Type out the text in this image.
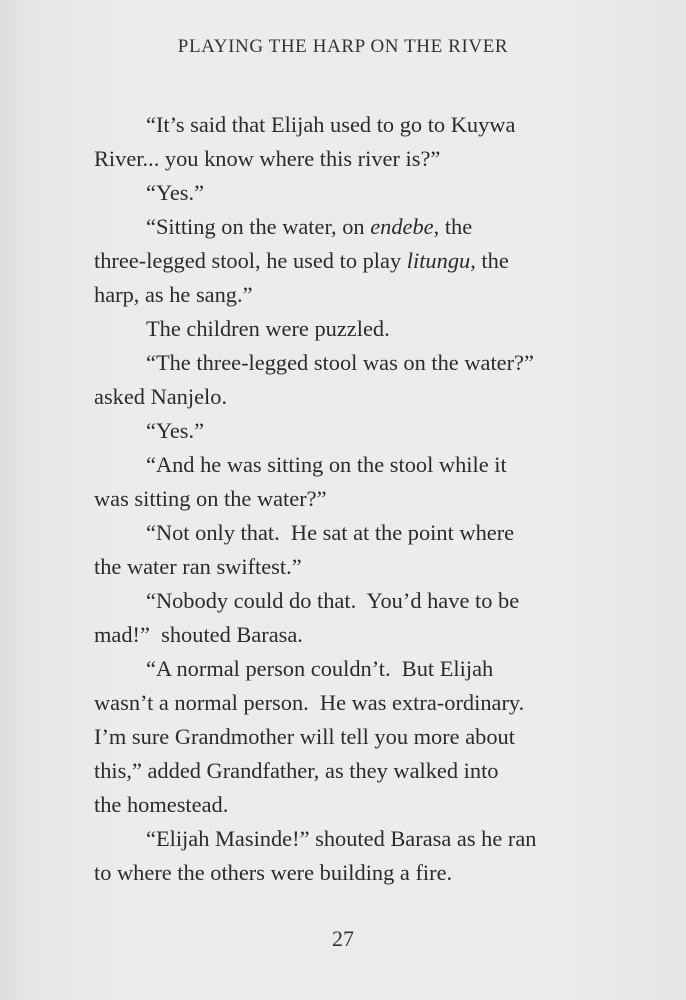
PLAYING THE HARP ON THE RIVER
“It’s said that Elijah used to go to Kuywa
River... you know where this river is?”
“Yes.”
“Sitting on the water, on endebe, the
three-legged stool, he used to play litungu, the
harp, as he sang.”
The children were puzzled.
“The three-legged stool was on the water?”
asked Nanjelo.
“Yes.”
“And he was sitting on the stool while it
was sitting on the water?”
“Not only that.  He sat at the point where
the water ran swiftest.”
“Nobody could do that.  You’d have to be
mad!”  shouted Barasa.
“A normal person couldn’t.  But Elijah
wasn’t a normal person.  He was extra-ordinary.
I’m sure Grandmother will tell you more about
this,” added Grandfather, as they walked into
the homestead.
“Elijah Masinde!” shouted Barasa as he ran
to where the others were building a fire.
27
